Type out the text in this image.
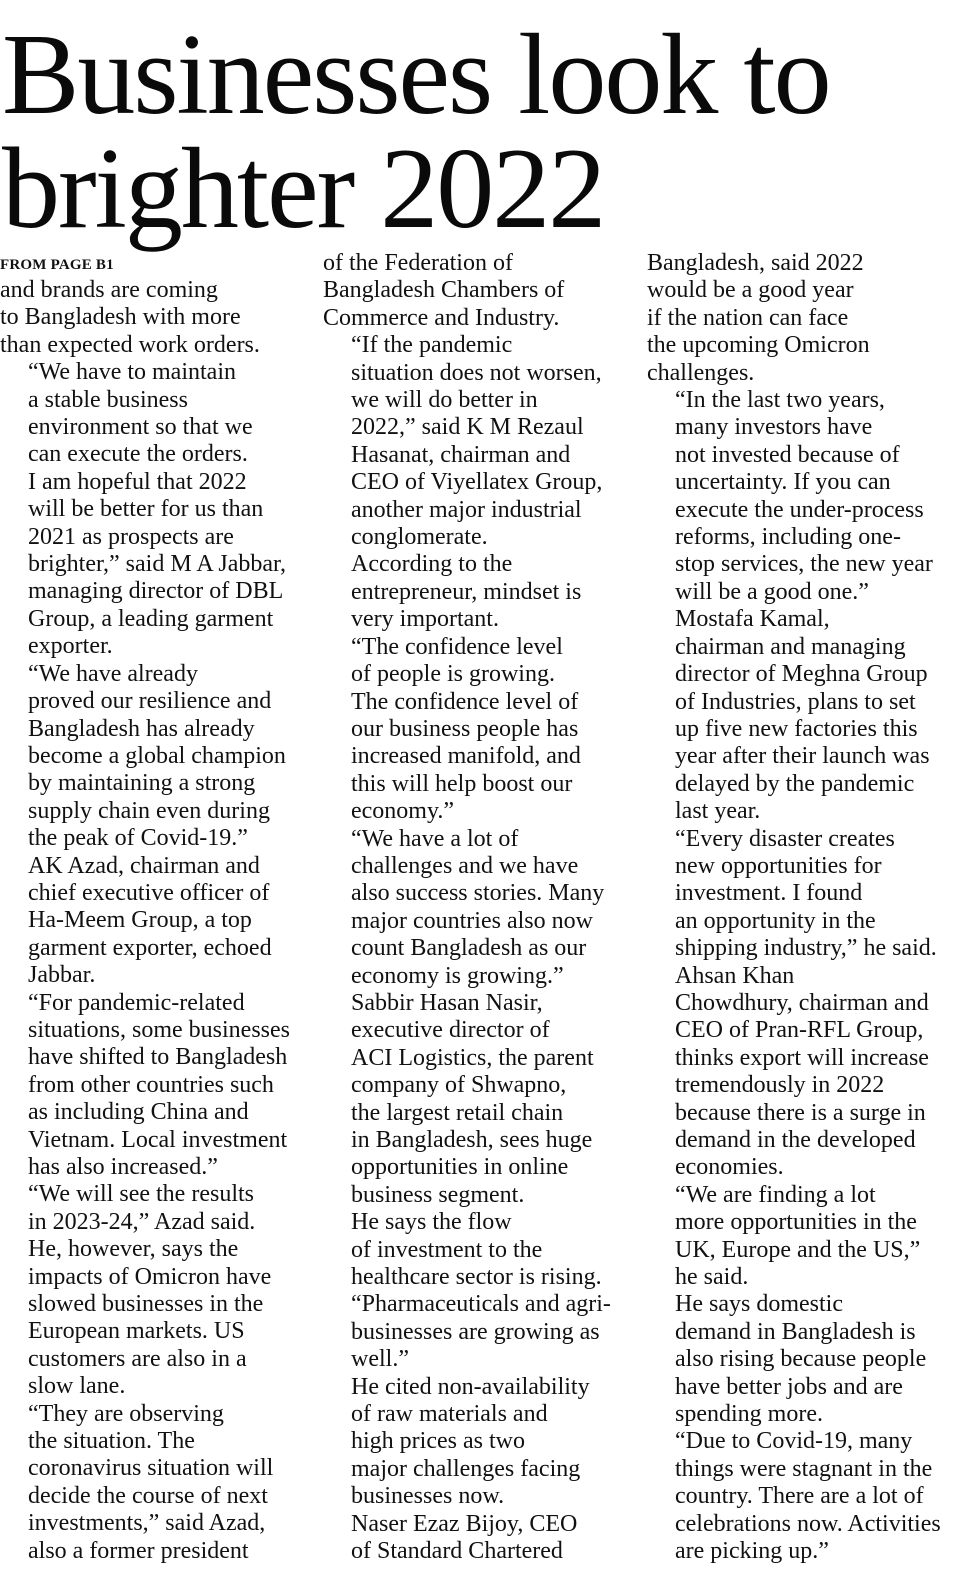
Businesses look to
brighter 2022
FROM PAGE B1

and brands are coming
to Bangladesh with more
than expected work orders.

“We have to maintain
a stable business
environment so that we
can execute the orders.
I am hopeful that 2022
will be better for us than
2021 as prospects are
brighter,” said M A Jabbar,
managing director of DBL
Group, a leading garment
exporter.

“We have already
proved our resilience and
Bangladesh has already
become a global champion
by maintaining a strong
supply chain even during
the peak of Covid-19.”

AK Azad, chairman and
chief executive officer of
Ha-Meem Group, a top
garment exporter, echoed
Jabbar.

“For pandemic-related
situations, some businesses
have shifted to Bangladesh
from other countries such
as including China and
Vietnam. Local investment
has also increased.”

“We will see the results
in 2023-24,” Azad said.

He, however, says the
impacts of Omicron have
slowed businesses in the
European markets. US
customers are also in a
slow lane.

“They are observing
the situation. The
coronavirus situation will
decide the course of next
investments,” said Azad,
also a former president

of the Federation of
Bangladesh Chambers of
Commerce and Industry.

“If the pandemic
situation does not worsen,
we will do better in
2022,” said K M Rezaul
Hasanat, chairman and
CEO of Viyellatex Group,
another major industrial
conglomerate.

According to the
entrepreneur, mindset is
very important.

“The confidence level
of people is growing.
The confidence level of
our business people has
increased manifold, and
this will help boost our
economy.”

“We have a lot of
challenges and we have
also success stories. Many
major countries also now
count Bangladesh as our
economy is growing.”

Sabbir Hasan Nasir,
executive director of
ACI Logistics, the parent
company of Shwapno,
the largest retail chain
in Bangladesh, sees huge
opportunities in online
business segment.

He says the flow
of investment to the
healthcare sector is rising.
“Pharmaceuticals and agri-
businesses are growing as
well.”

He cited non-availability
of raw materials and
high prices as two
major challenges facing
businesses now.

Naser Ezaz Bijoy, CEO
of Standard Chartered

Bangladesh, said 2022
would be a good year
if the nation can face
the upcoming Omicron
challenges.

“In the last two years,
many investors have
not invested because of
uncertainty. If you can
execute the under-process
reforms, including one-
stop services, the new year
will be a good one.”

Mostafa Kamal,
chairman and managing
director of Meghna Group
of Industries, plans to set
up five new factories this
year after their launch was
delayed by the pandemic
last year.

“Every disaster creates
new opportunities for
investment. I found
an opportunity in the
shipping industry,” he said.

Ahsan Khan
Chowdhury, chairman and
CEO of Pran-RFL Group,
thinks export will increase
tremendously in 2022
because there is a surge in
demand in the developed
economies.

“We are finding a lot
more opportunities in the
UK, Europe and the US,”
he said.

He says domestic
demand in Bangladesh is
also rising because people
have better jobs and are
spending more.

“Due to Covid-19, many
things were stagnant in the
country. There are a lot of
celebrations now. Activities
are picking up.”
